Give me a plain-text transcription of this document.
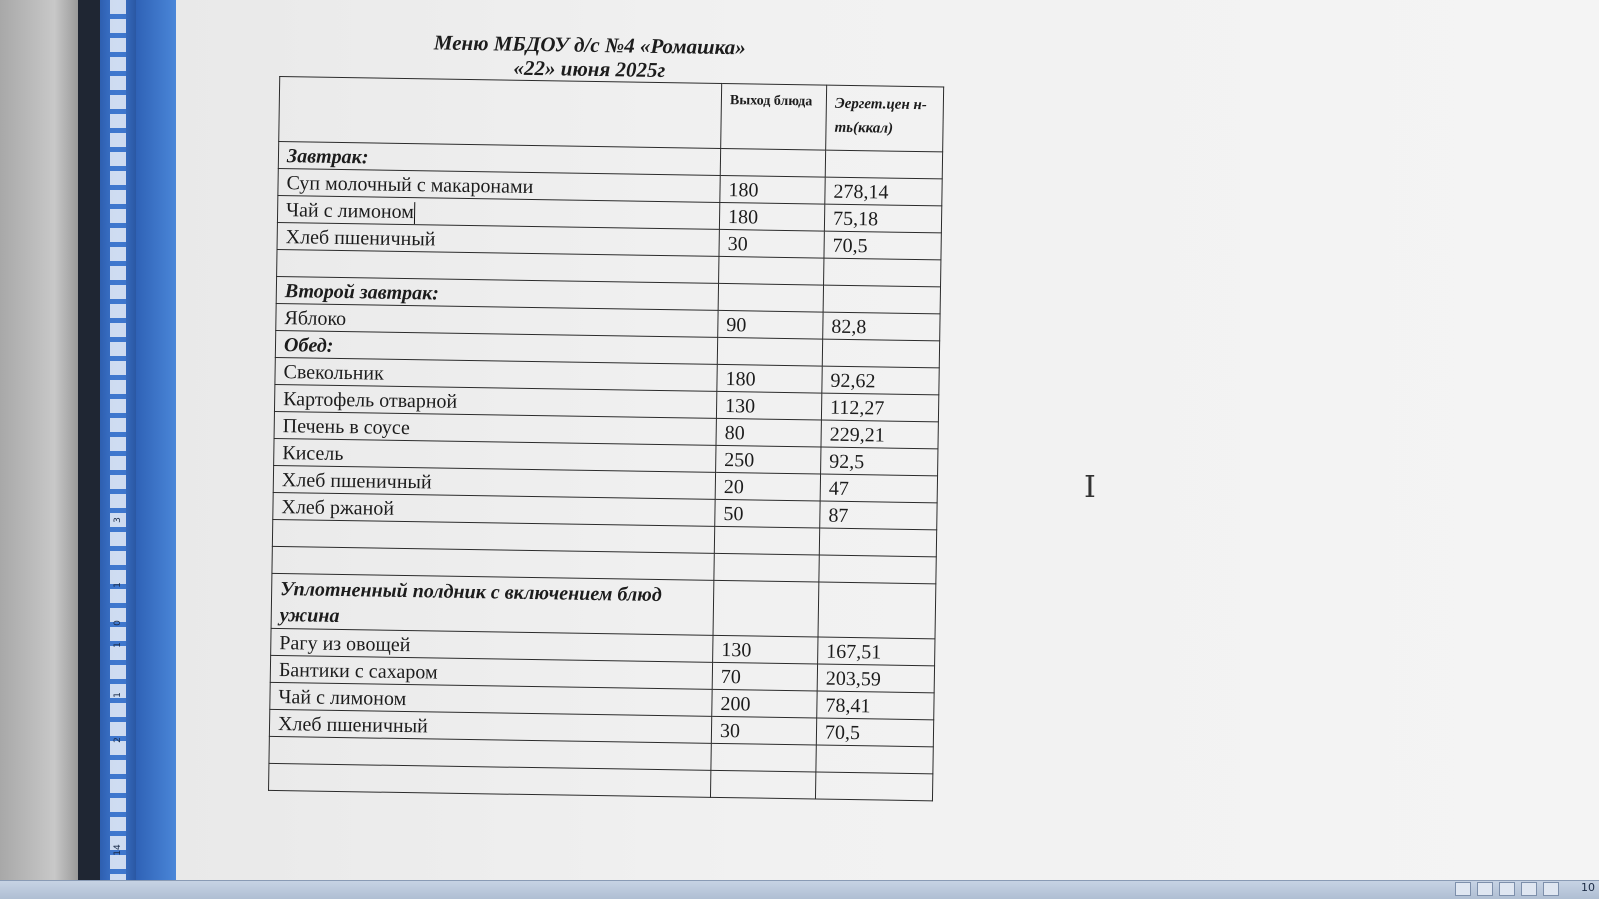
1
2
1
0
1
3
14
Меню МБДОУ д/с №4 «Ромашка»
«22» июня 2025г

	Выход блюда	Эергет.цен н-ть(ккал)

Завтрак:		
Суп молочный с макаронами	180	278,14
Чай с лимоном	180	75,18
Хлеб пшеничный	30	70,5

Второй завтрак:		
Яблоко	90	82,8
Обед:		
Свекольник	180	92,62
Картофель отварной	130	112,27
Печень в соусе	80	229,21
Кисель	250	92,5
Хлеб пшеничный	20	47
Хлеб ржаной	50	87

Уплотненный полдник с включением блюд ужина		
Рагу из овощей	130	167,51
Бантики с сахаром	70	203,59
Чай с лимоном	200	78,41
Хлеб пшеничный	30	70,5

I
10
